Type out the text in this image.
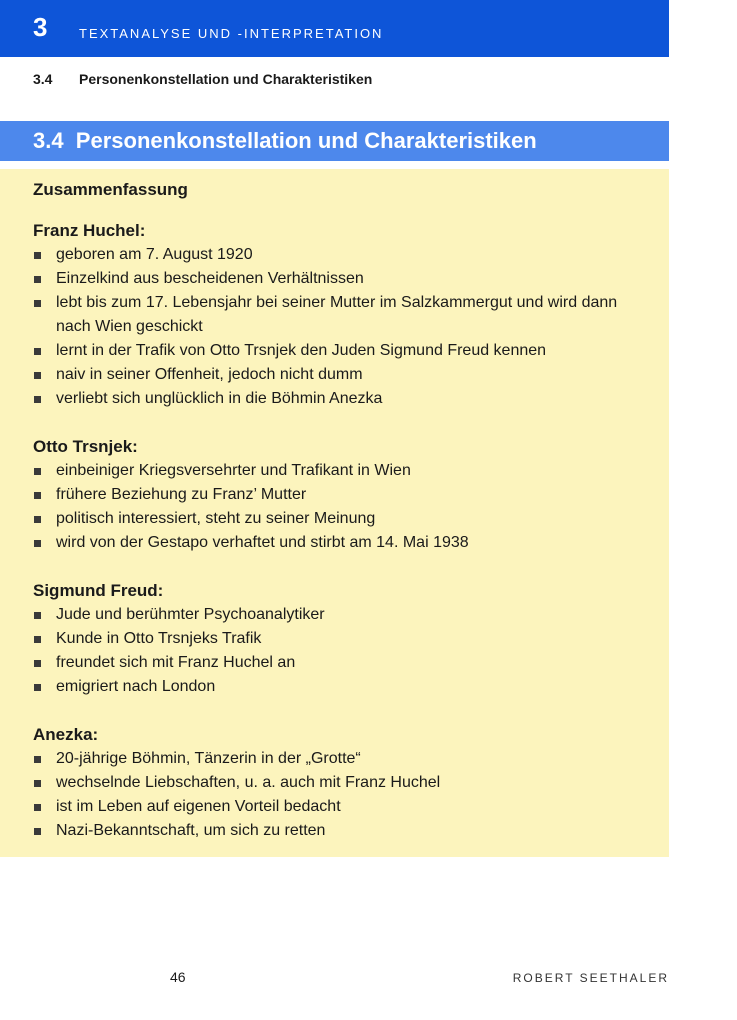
3 TEXTANALYSE UND -INTERPRETATION
3.4 Personenkonstellation und Charakteristiken
3.4  Personenkonstellation und Charakteristiken

Zusammenfassung

Franz Huchel:

geboren am 7. August 1920
Einzelkind aus bescheidenen Verhältnissen
lebt bis zum 17. Lebensjahr bei seiner Mutter im Salzkammergut und wird dann nach Wien geschickt
lernt in der Trafik von Otto Trsnjek den Juden Sigmund Freud kennen
naiv in seiner Offenheit, jedoch nicht dumm
verliebt sich unglücklich in die Böhmin Anezka

Otto Trsnjek:

einbeiniger Kriegsversehrter und Trafikant in Wien
frühere Beziehung zu Franz’ Mutter
politisch interessiert, steht zu seiner Meinung
wird von der Gestapo verhaftet und stirbt am 14. Mai 1938

Sigmund Freud:

Jude und berühmter Psychoanalytiker
Kunde in Otto Trsnjeks Trafik
freundet sich mit Franz Huchel an
emigriert nach London

Anezka:

20-jährige Böhmin, Tänzerin in der „Grotte“
wechselnde Liebschaften, u. a. auch mit Franz Huchel
ist im Leben auf eigenen Vorteil bedacht
Nazi-Bekanntschaft, um sich zu retten
46	ROBERT SEETHALER
